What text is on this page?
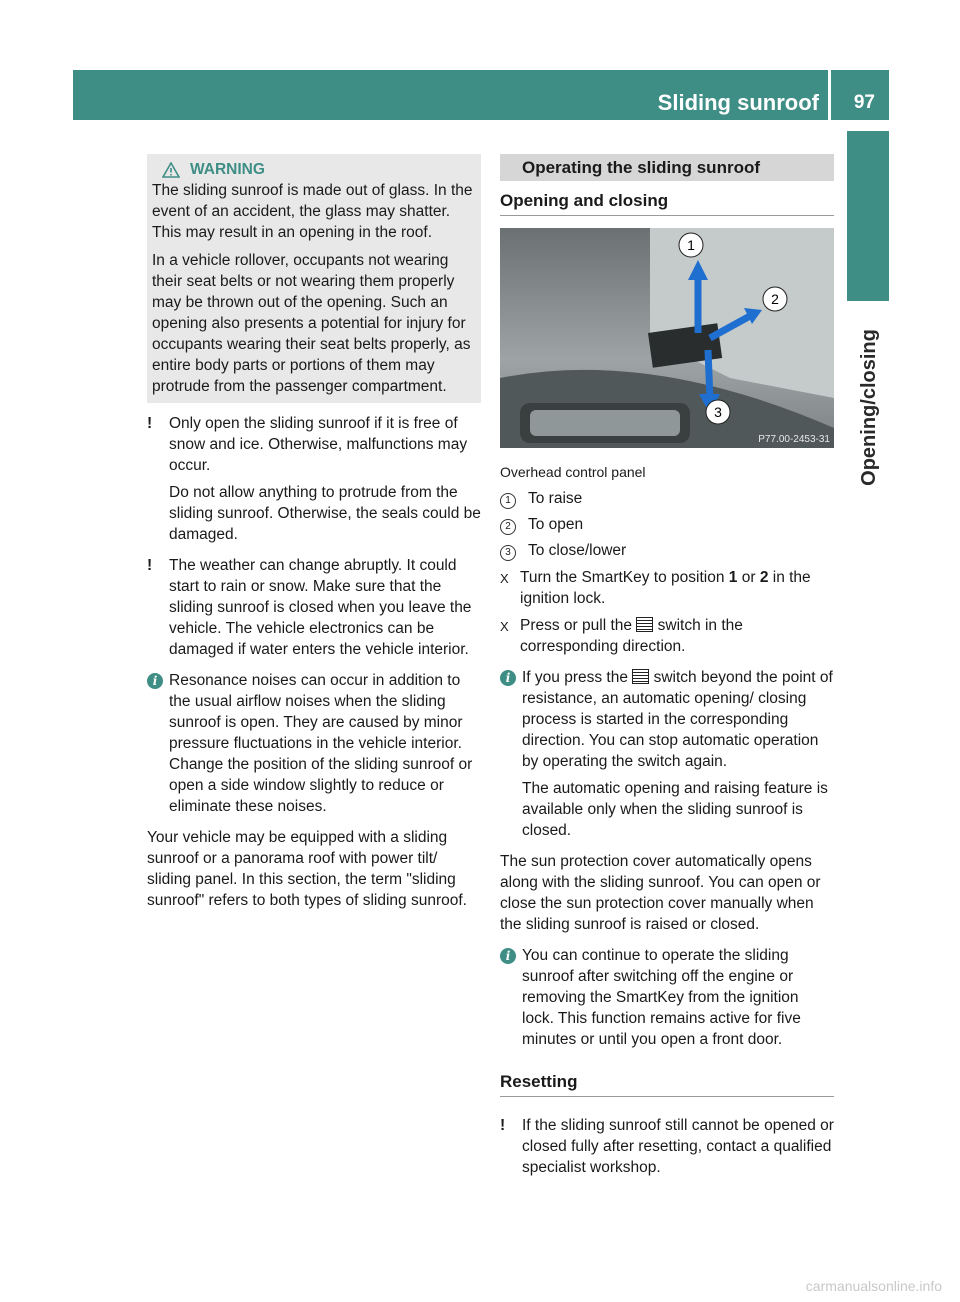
Sliding sunroof 97
Opening/closing
WARNING

The sliding sunroof is made out of glass. In the event of an accident, the glass may shatter. This may result in an opening in the roof.

In a vehicle rollover, occupants not wearing their seat belts or not wearing them properly may be thrown out of the opening. Such an opening also presents a potential for injury for occupants wearing their seat belts properly, as entire body parts or portions of them may protrude from the passenger compartment.

!	Only open the sliding sunroof if it is free of snow and ice. Otherwise, malfunctions may occur.

Do not allow anything to protrude from the sliding sunroof. Otherwise, the seals could be damaged.

!	The weather can change abruptly. It could start to rain or snow. Make sure that the sliding sunroof is closed when you leave the vehicle. The vehicle electronics can be damaged if water enters the vehicle interior.

i Resonance noises can occur in addition to the usual airflow noises when the sliding sunroof is open. They are caused by minor pressure fluctuations in the vehicle interior. Change the position of the sliding sunroof or open a side window slightly to reduce or eliminate these noises.

Your vehicle may be equipped with a sliding sunroof or a panorama roof with power tilt/ sliding panel. In this section, the term "sliding sunroof" refers to both types of sliding sunroof.

Operating the sliding sunroof
Opening and closing
1
2
3
P77.00-2453-31
Overhead control panel
1	To raise
2	To open
3	To close/lower
X Turn the SmartKey to position 1 or 2 in the ignition lock.
X Press or pull the  switch in the corresponding direction.
i If you press the  switch beyond the point of resistance, an automatic opening/ closing process is started in the corresponding direction. You can stop automatic operation by operating the switch again.

The automatic opening and raising feature is available only when the sliding sunroof is closed.

The sun protection cover automatically opens along with the sliding sunroof. You can open or close the sun protection cover manually when the sliding sunroof is raised or closed.

i You can continue to operate the sliding sunroof after switching off the engine or removing the SmartKey from the ignition lock. This function remains active for five minutes or until you open a front door.

Resetting
!	If the sliding sunroof still cannot be opened or closed fully after resetting, contact a qualified specialist workshop.

carmanualsonline.info
